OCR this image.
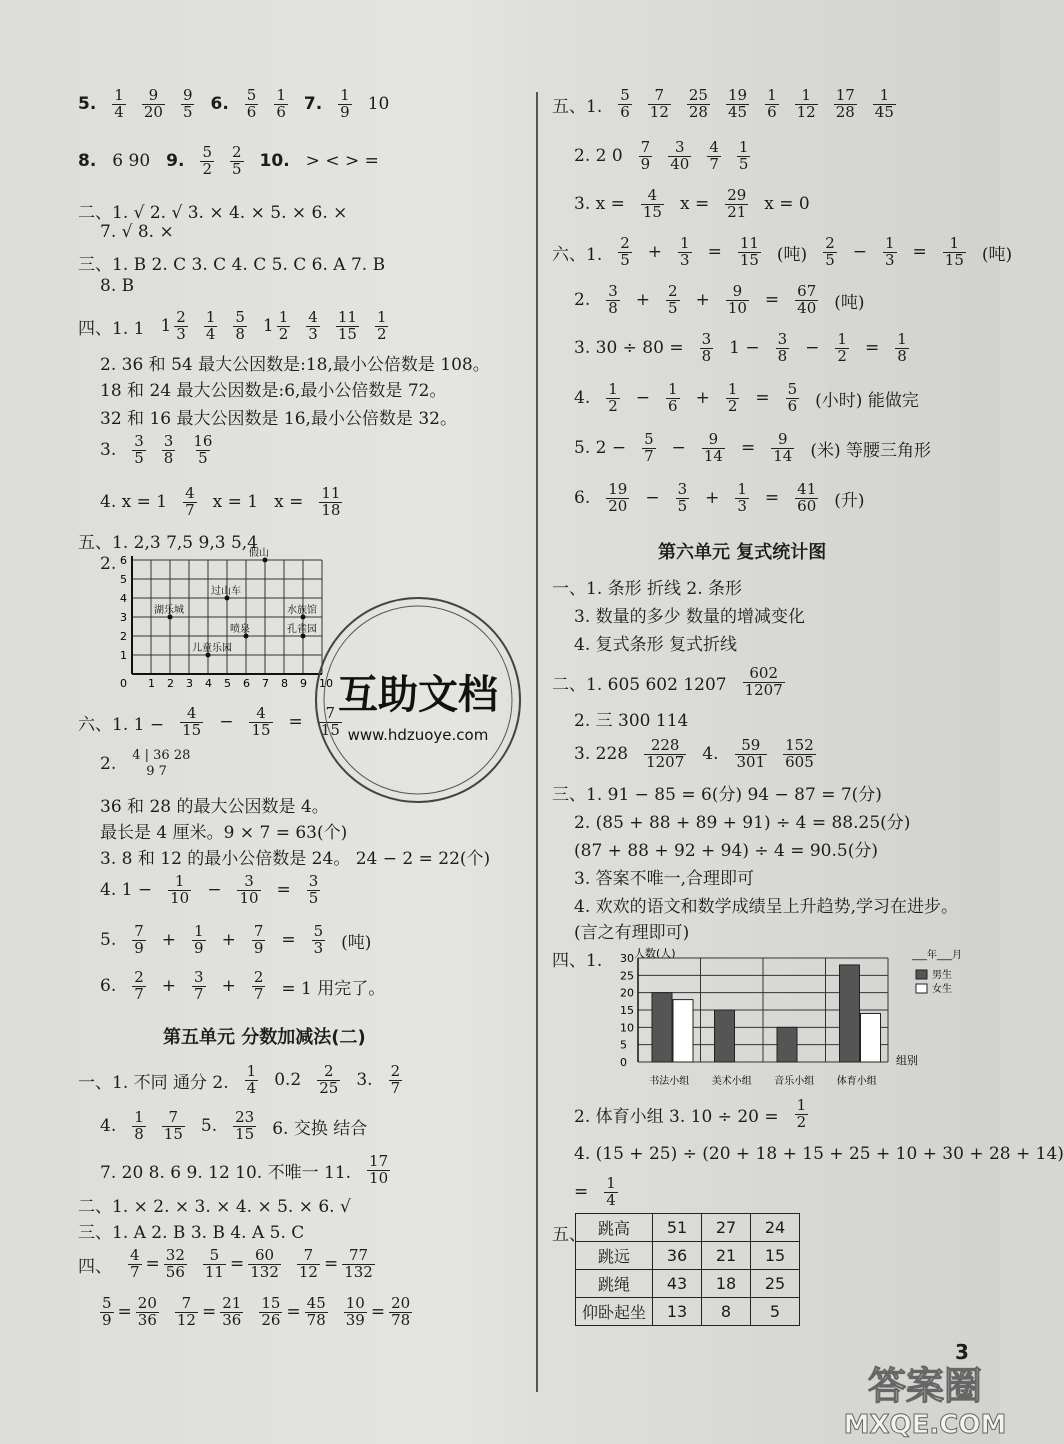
5. $\frac{1}{4} \frac{9}{20} \frac{9}{5} 6$. $\frac{5}{6} \frac{1}{6} 7$. $\frac{1}{9} 10$
8. 6 90 9. $\frac{5}{2} \frac{2}{5} 10$. > < > =
二、1. √ 2. √ 3. × 4. × 5. × 6. ×
7. √ 8. ×
三、1. B 2. C 3. C 4. C 5. C 6. A 7. B
8. B
四、1. 1 $1 \frac{2}{3} \frac{1}{4} \frac{5}{8} 1 \frac{1}{2} \frac{4}{3} \frac{11}{15} \frac{1}{2}$
2. 36 和 54 最大公因数是:18,最小公倍数是 108。
18 和 24 最大公因数是:6,最小公倍数是 72。
32 和 16 最大公因数是 16,最小公倍数是 32。
3. $\frac{3}{5} \frac{3}{8} \frac{16}{5}$
4. $x = 1 \frac{4}{7}$ x = 1 $x = \frac{11}{18}$
五、1. 2,3 7,5 9,3 5,4
2.
六、1. $1 - \frac{4}{15} - \frac{4}{15} = \frac{7}{15}$
2. 4 | 36 28
9 7
36 和 28 的最大公因数是 4。
最长是 4 厘米。9 × 7 = 63(个)
3. 8 和 12 的最小公倍数是 24。 24 − 2 = 22(个)
4. $1 - \frac{1}{10} - \frac{3}{10} = \frac{3}{5}$
5. $\frac{7}{9} + \frac{1}{9} + \frac{7}{9} = \frac{5}{3}$ (吨)
6. $\frac{2}{7} + \frac{3}{7} + \frac{2}{7} = 1$ 用完了。
第五单元 分数加减法(二)
一、1. 不同 通分 2. $\frac{1}{4} 0.2 \frac{2}{25} 3$. $\frac{2}{7}$
4. $\frac{1}{8} \frac{7}{15} 5$. $\frac{23}{15} 6$. 交换 结合
7. 20 8. 6 9. 12 10. 不唯一 11. $\frac{17}{10}$
二、1. × 2. × 3. × 4. × 5. × 6. √
三、1. A 2. B 3. B 4. A 5. C
四、 $\frac{4}{7} = \frac{32}{56} \frac{5}{11} = \frac{60}{132} \frac{7}{12} = \frac{77}{132}$
$\frac{5}{9} = \frac{20}{36} \frac{7}{12} = \frac{21}{36} \frac{15}{26} = \frac{45}{78} \frac{10}{39} = \frac{20}{78}$
五、1. $\frac{5}{6} \frac{7}{12} \frac{25}{28} \frac{19}{45} \frac{1}{6} \frac{1}{12} \frac{17}{28} \frac{1}{45}$
2. 2 $0 \frac{7}{9} \frac{3}{40} \frac{4}{7} \frac{1}{5}$
3. $x = \frac{4}{15}$ $x = \frac{29}{21}$ x = 0
六、1. $\frac{2}{5} + \frac{1}{3} = \frac{11}{15}$ (吨) $\frac{2}{5} - \frac{1}{3} = \frac{1}{15}$ (吨)
2. $\frac{3}{8} + \frac{2}{5} + \frac{9}{10} = \frac{67}{40}$ (吨)
3. $30 \div 80 = \frac{3}{8} 1 - \frac{3}{8} - \frac{1}{2} = \frac{1}{8}$
4. $\frac{1}{2} - \frac{1}{6} + \frac{1}{2} = \frac{5}{6}$ (小时) 能做完
5. $2 - \frac{5}{7} - \frac{9}{14} = \frac{9}{14}$ (米) 等腰三角形
6. $\frac{19}{20} - \frac{3}{5} + \frac{1}{3} = \frac{41}{60}$ (升)
第六单元 复式统计图
一、1. 条形 折线 2. 条形
3. 数量的多少 数量的增减变化
4. 复式条形 复式折线
二、1. 605 602 $1207 \frac{602}{1207}$
2. 三 300 114
3. $228 \frac{228}{1207} 4$. $\frac{59}{301} \frac{152}{605}$
三、1. 91 − 85 = 6(分) 94 − 87 = 7(分)
2. (85 + 88 + 89 + 91) ÷ 4 = 88.25(分)
(87 + 88 + 92 + 94) ÷ 4 = 90.5(分)
3. 答案不唯一,合理即可
4. 欢欢的语文和数学成绩呈上升趋势,学习在进步。
(言之有理即可)
四、1.
2. 体育小组 3. $10 \div 20 = \frac{1}{2}$
4. (15 + 25) ÷ (20 + 18 + 15 + 25 + 10 + 30 + 28 + 14)
= $\frac{1}{4}$
五、
0 1 2 3 4 5 6 7 8 9 10
1
2
3
4
5
6
湖乐城
过山车
假山
喷泉
儿童乐园
水族馆
孔雀园
人数(人)
30
25
20
15
10
5
0
书法小组 美术小组 音乐小组 体育小组
组别
___年___月
男生
女生
跳高	51	27	24
跳远	36	21	15
跳绳	43	18	25
仰卧起坐	13	8	5
互助文档
www.hdzuoye.com
3
答案圈
MXQE.COM
